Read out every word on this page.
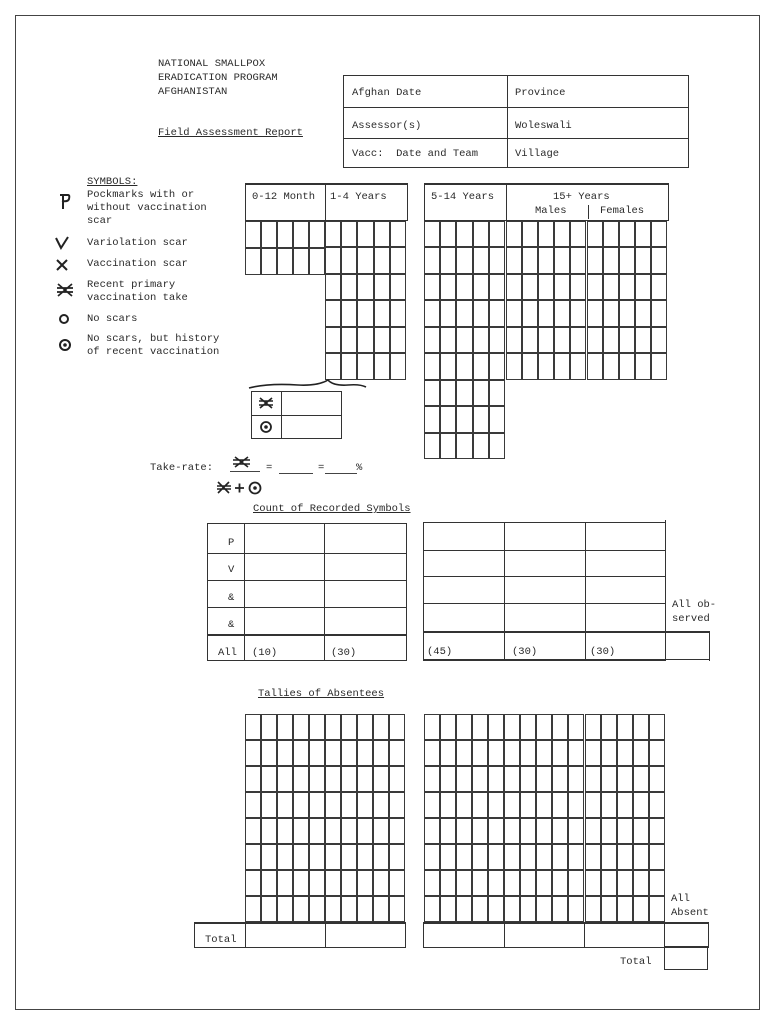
NATIONAL SMALLPOX
ERADICATION PROGRAM
AFGHANISTAN
Field Assessment Report
Afghan Date	Province
Assessor(s)	Woleswali
Vacc:  Date and Team	Village
SYMBOLS:
Pockmarks with or
without vaccination
scar
Variolation scar
Vaccination scar
Recent primary
vaccination take
No scars
No scars, but history
of recent vaccination
0-12 Month 1-4 Years	5-14 Years	15+ Years
Males	Females
Take-rate:	=	=	%
Count of Recorded Symbols
P
V
&
&
All (10)	(30)	(45)	(30)	(30)
All ob-
served
Tallies of Absentees
Total
All
Absent
Total
